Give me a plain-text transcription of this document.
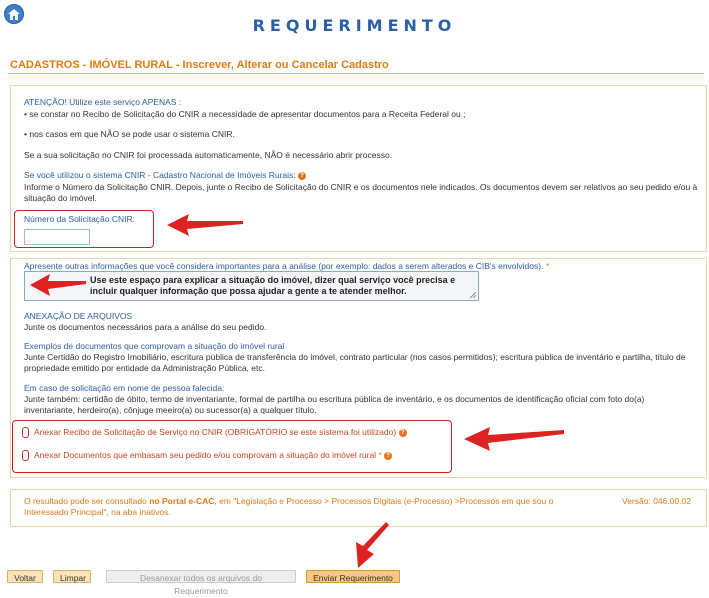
REQUERIMENTO
CADASTROS - IMÓVEL RURAL - Inscrever, Alterar ou Cancelar Cadastro
ATENÇÃO! Utilize este serviço APENAS :
• se constar no Recibo de Solicitação do CNIR a necessidade de apresentar documentos para a Receita Federal ou ;
• nos casos em que NÃO se pode usar o sistema CNIR.
Se a sua solicitação no CNIR foi processada automaticamente, NÃO é necessário abrir processo.
Se você utilizou o sistema CNIR - Cadastro Nacional de Imóveis Rurais: ?
Informe o Número da Solicitação CNIR. Depois, junte o Recibo de Solicitação do CNIR e os documentos nele indicados. Os documentos devem ser relativos ao seu pedido e/ou à situação do imóvel.
Número da Solicitação CNIR:
Apresente outras informações que você considera importantes para a análise (por exemplo: dados a serem alterados e CIB's envolvidos). *
Use este espaço para explicar a situação do imóvel, dizer qual serviço você precisa e incluir qualquer informação que possa ajudar a gente a te atender melhor.
ANEXAÇÃO DE ARQUIVOS
Junte os documentos necessários para a análise do seu pedido.
Exemplos de documentos que comprovam a situação do imóvel rural
Junte Certidão do Registro Imobiliário, escritura pública de transferência do imóvel, contrato particular (nos casos permitidos); escritura pública de inventário e partilha, título de propriedade emitido por entidade da Administração Pública, etc.
Em caso de solicitação em nome de pessoa falecida:
Junte também: certidão de óbito, termo de inventariante, formal de partilha ou escritura pública de inventário, e os documentos de identificação oficial com foto do(a) inventariante, herdeiro(a), cônjuge meeiro(a) ou sucessor(a) a qualquer título.
Anexar Recibo de Solicitação de Serviço no CNIR (OBRIGATÓRIO se este sistema foi utilizado) ?
Anexar Documentos que embasam seu pedido e/ou comprovam a situação do imóvel rural * ?
O resultado pode ser consultado no Portal e-CAC, em "Legislação e Processo > Processos Digitais (e-Processo) >Processos em que sou o Interessado Principal", na aba inativos.
Versão: 046.00.02
Voltar	Limpar	Desanexar todos os arquivos do Requerimento
Enviar Requerimento
